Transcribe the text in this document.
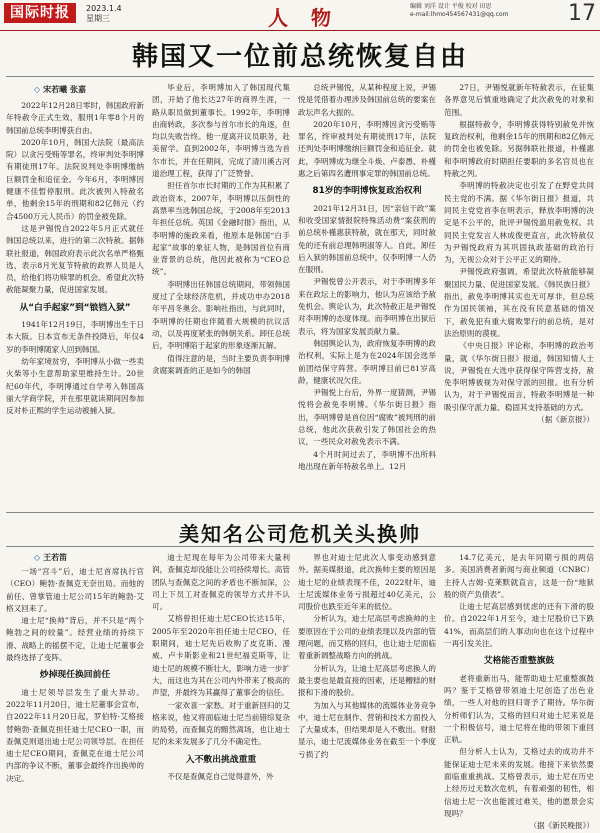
国际时报	2023.1.4
星期三	人 物	编辑 刘洋 设计 平俊 校对 田思
e-mail:lhmo454567431@qq.com	17
韩国又一位前总统恢复自由
◇ 宋若曦 张嘉

2022年12月28日零时，韩国政府新年特赦令正式生效，服刑1年零8个月的韩国前总统李明博获自由。

2020年10月，韩国大法院（最高法院）以贪污受贿等罪名，终审判处李明博有期徒刑17年。法院说判处李明博缴纳巨额罚金和追征金。今年6月，李明博因健康不佳暂停服刑。此次被列入特赦名单，他剩余15年的刑期和82亿韩元（约合4500万元人民币）的罚金被免除。

这是尹锡悦自2022年5月正式就任韩国总统以来，进行的第二次特赦。据韩联社报道，韩国政府表示此次名单严格甄选，表示8月光复节特赦的政界人员是人员，给他们将功赎罪的机会。希望此次特赦能凝聚力量，促进国家发展。

从“白手起家”到“锒铛入狱”

1941年12月19日，李明博出生于日本大阪。日本宣布无条件投降后，年仅4岁的李明博随家人回到韩国。

幼年家境贫穷，李明博从小做一些卖火柴等小生意帮助家里维持生计。20世纪60年代，李明博通过自学考入韩国高丽大学商学院，并在那里就读期间因参加反对朴正熙的学生运动被捕入狱。

毕业后，李明博加入了韩国现代集团，开始了他长达27年的商界生涯，一路从职员做到董事长。1992年，李明博由商转政，多次参与首尔市长的角逐，但均以失败告终。他一度离开议员职务，赴美留学。直到2002年，李明博当选为首尔市长，并在任期间，完成了清川溪古河道治理工程，获得了广泛赞誉。

担任首尔市长时期的工作为其积累了政治资本，2007年，李明博以压倒性的高票率当选韩国总统，于2008年至2013年担任总统。英国《金融时报》指出，从李明博的施政来看，他原本是韩国“白手起家”故事的象征人物，是韩国首位有商业背景的总统，他因此被称为“CEO总统”。

李明博出任韩国总统期间，带领韩国度过了全球经济危机，并成功申办2018年平昌冬奥会。影响社指出，与此同时，李明博的任期也伴随着大规模的抗议活动，以及再度紧张的韩朝关系。卸任总统后，李明博陷于起家的形象逐渐瓦解。

值得注意的是，当时主要负责李明博贪腐案调查的正是如今的韩国

总统尹锡悦，从某种程度上说，尹锡悦是凭借着办理涉及韩国前总统的要案在政坛声名大振的。

2020年10月，李明博因贪污受贿等罪名，终审被判处有期徒刑17年，法院还判处李明博缴纳巨额罚金和追征金。就此，李明博成为继全斗焕、卢泰愚、朴槿惠之后第四名遭刑事定罪的韩国前总统。

81岁的李明博恢复政治权利

2021年12月31日，因“亲信干政”案和收受国家情报院特殊活动费“案获刑的前总统朴槿惠获特赦，就在那天，同时赦免的还有前总理韩明淑等人。自此，卸任后入狱的韩国前总统中，仅李明博一人仍在服刑。

尹锡悦曾公开表示，对于李明博多年来在政坛上的影响力，他认为应该给予赦免机会。舆论认为，此次特赦正是尹锡悦对李明博的态度体现。而李明博在出狱后表示，将为国家发展贡献力量。

韩国舆论认为，政府恢复李明博的政治权利，实际上是为在2024年国会选举前团结保守阵营。李明博目前已81岁高龄，健康状况欠佳。

尹锡悦上台后，外界一度猜测，尹锡悦将会赦免李明博。《华尔街日报》指出，李明博曾是首位因“腐败”被判刑的前总统，他此次获赦引发了韩国社会的热议，一些民众对赦免表示不满。

4个月时间过去了，李明博不出所料地出现在新年特赦名单上。12月

27日，尹锡悦就新年特赦表示，在征集各界意见后慎重地确定了此次赦免的对象和范围。

根据特赦令，李明博获得特别赦免并恢复政治权利，他剩余15年的刑期和82亿韩元的罚金也被免除。另据韩联社报道，朴槿惠和李明博政府时期担任要职的多名官员也在特赦之列。

李明博的特赦决定也引发了在野党共同民主党的不满。据《华尔街日报》报道，共同民主党党首李在明表示，释放李明博的决定是不公平的，批评尹锡悦滥用赦免权。共同民主党发言人林成俊更直言，此次特赦仅为尹锡悦政府为其巩固执政基础的政治行为，无视公众对于公平正义的期待。

尹锡悦政府强调，希望此次特赦能够凝聚国民力量、促进国家发展。《韩民族日报》指出，赦免李明博其实也无可厚非，但总统作为国民领袖，其在没有民意基础的情况下，赦免犯有重大腐败罪行的前总统，是对法治原则的漠视。

《中央日报》评论称，李明博的政治考量，就《华尔街日报》报道，韩国知情人士说，尹锡悦在大选中获得保守阵营支持，赦免李明博被视为对保守派的回报。也有分析认为，对于尹锡悦而言，特赦李明博是一种吸引保守派力量、稳固其支持基础的方式。

（据《新京报》）

美知名公司危机关头换帅
◇ 王若笛

一场“宫斗”后，迪士尼首席执行官（CEO）鲍勃·查佩克无奈出局。而他的前任、曾掌管迪士尼公司15年的鲍勃·艾格又回来了。

迪士尼“换帅”背后，并不只是“两个鲍勃之间的较量”。经营业绩的持续下滑、战略上的摇摆不定，让迪士尼董事会最终选择了变阵。

炒掉现任换回前任

迪士尼领导层发生了重大异动。2022年11月20日，迪士尼董事会宣布，自2022年11月20日起，罗伯特·艾格接替鲍勃·查佩克担任迪士尼CEO一职，而查佩克则退出迪士尼公司领导层。在担任迪士尼CEO期间，查佩克在迪士尼公司内部的争议不断，董事会最终作出换帅的决定。

迪士尼现在每年为公司带来大量利润，查佩克却没能让公司持续增长。高管团队与查佩克之间的矛盾也不断加深，公司上下员工对查佩克的领导方式并不认可。

艾格曾担任迪士尼CEO长达15年，2005年至2020年担任迪士尼CEO，任职期间，迪士尼先后收购了皮克斯、漫威、卢卡斯影业和21世纪福克斯等，让迪士尼的规模不断壮大，影响力进一步扩大，而这也为其在公司内外带来了极高的声望，并最终为其赢得了董事会的信任。

一家欢喜一家愁。对于重新回归的艾格来说，他又将面临迪士尼当前错综复杂的局势，而查佩克的黯然离场，也让迪士尼的未来发展多了几分不确定性。

入不敷出挑战重重

不仅是查佩克自己觉得意外，外

界也对迪士尼此次人事变动感到意外。据美媒报道，此次换帅主要的原因是迪士尼的业绩表现不佳，2022财年，迪士尼流媒体业务亏损超过40亿美元，公司股价也跌至近年来的低位。

分析认为，迪士尼高层考虑换帅的主要原因在于公司的业绩表现以及内部的管理问题，而艾格的回归，也让迪士尼面临着重新调整战略方向的挑战。

分析认为，让迪士尼高层考虑换人的最主要也是最直接的因素，还是糟糕的财报和下滑的股价。

为加入与其他媒体的流媒体业务竞争中，迪士尼在制作、营销和技术方面投入了大量成本，但结果却是入不敷出。财报显示，迪士尼流媒体业务在截至一个季度亏损了约

14.7亿美元，是去年同期亏损的两倍多。美国消费者新闻与商业频道（CNBC）主持人吉姆·克莱默就直言，这是一份“地狱般的资产负债表”。

让迪士尼高层感到忧虑的还有下滑的股价。自2022年1月至今，迪士尼股价已下跌41%，而高层们的人事动向也在这个过程中一再引发关注。

艾格能否重整旗鼓

老将重新出马，能帮助迪士尼重整旗鼓吗？鉴于艾格曾带领迪士尼创造了出色业绩，一些人对他的回归寄予了期待。华尔街分析师们认为，艾格的回归对迪士尼来说是一个积极信号，迪士尼将在他的带领下重回正轨。

但分析人士认为，艾格过去的成功并不能保证迪士尼未来的发展。他接下来依然要面临重重挑战。艾格曾表示，迪士尼在历史上经历过无数次危机，有着顽强的韧性，相信迪士尼一次也能渡过难关，他的愿景会实现吗？

（据《新民晚报》）
